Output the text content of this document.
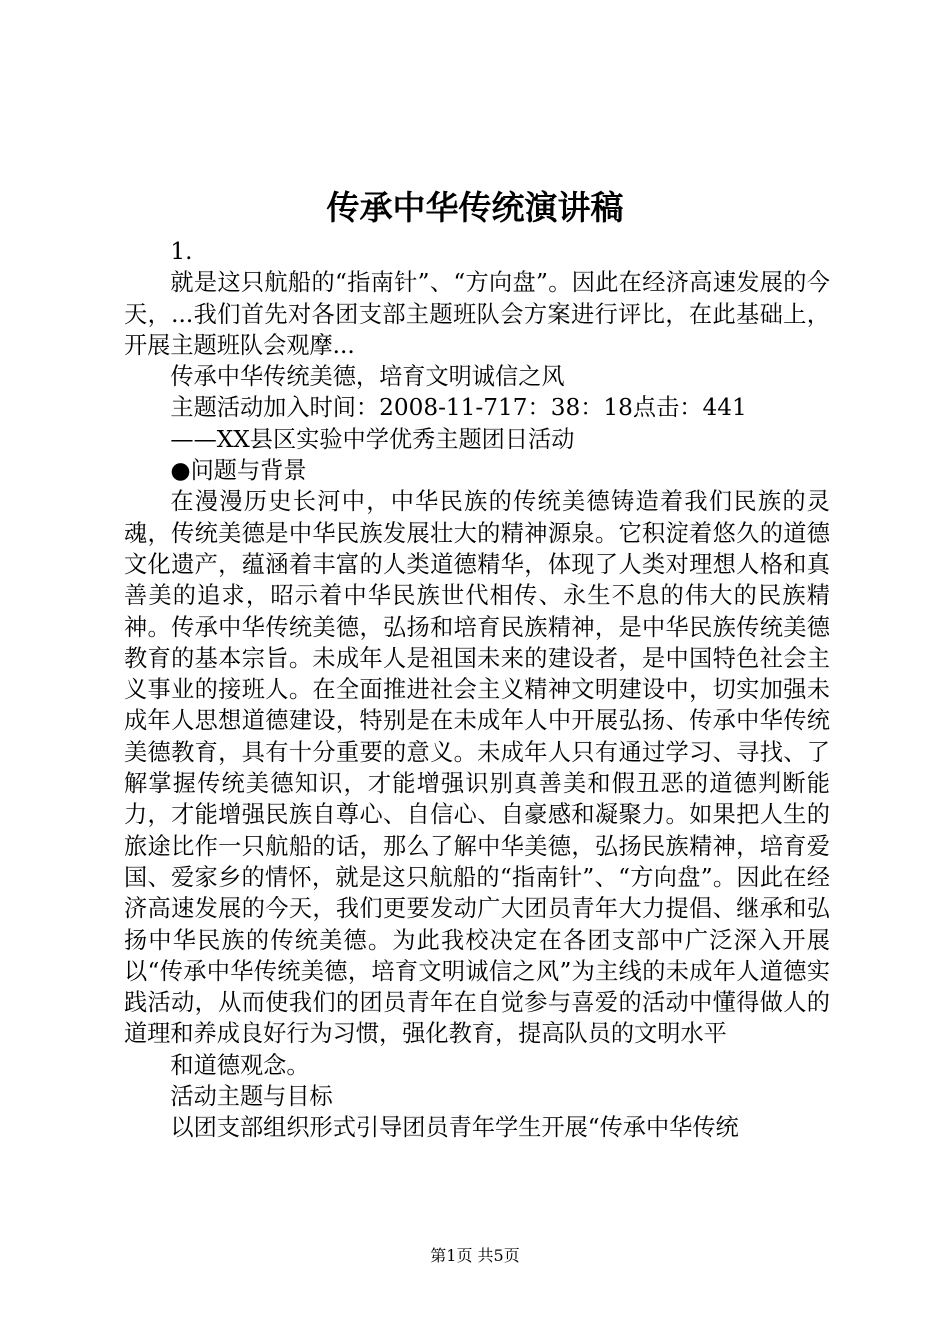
传承中华传统演讲稿

1.

就是这只航船的“指南针”、“方向盘”。因此在经济高速发展的今天，...我们首先对各团支部主题班队会方案进行评比，在此基础上，开展主题班队会观摩...

传承中华传统美德，培育文明诚信之风

主题活动加入时间：2008-11-717：38：18点击：441

——XX县区实验中学优秀主题团日活动

●问题与背景

在漫漫历史长河中，中华民族的传统美德铸造着我们民族的灵魂，传统美德是中华民族发展壮大的精神源泉。它积淀着悠久的道德文化遗产，蕴涵着丰富的人类道德精华，体现了人类对理想人格和真善美的追求，昭示着中华民族世代相传、永生不息的伟大的民族精神。传承中华传统美德，弘扬和培育民族精神，是中华民族传统美德教育的基本宗旨。未成年人是祖国未来的建设者，是中国特色社会主义事业的接班人。在全面推进社会主义精神文明建设中，切实加强未成年人思想道德建设，特别是在未成年人中开展弘扬、传承中华传统美德教育，具有十分重要的意义。未成年人只有通过学习、寻找、了解掌握传统美德知识，才能增强识别真善美和假丑恶的道德判断能力，才能增强民族自尊心、自信心、自豪感和凝聚力。如果把人生的旅途比作一只航船的话，那么了解中华美德，弘扬民族精神，培育爱国、爱家乡的情怀，就是这只航船的“指南针”、“方向盘”。因此在经济高速发展的今天，我们更要发动广大团员青年大力提倡、继承和弘扬中华民族的传统美德。为此我校决定在各团支部中广泛深入开展以“传承中华传统美德，培育文明诚信之风”为主线的未成年人道德实践活动，从而使我们的团员青年在自觉参与喜爱的活动中懂得做人的道理和养成良好行为习惯，强化教育，提高队员的文明水平

和道德观念。

活动主题与目标

以团支部组织形式引导团员青年学生开展“传承中华传统

第1页 共5页
